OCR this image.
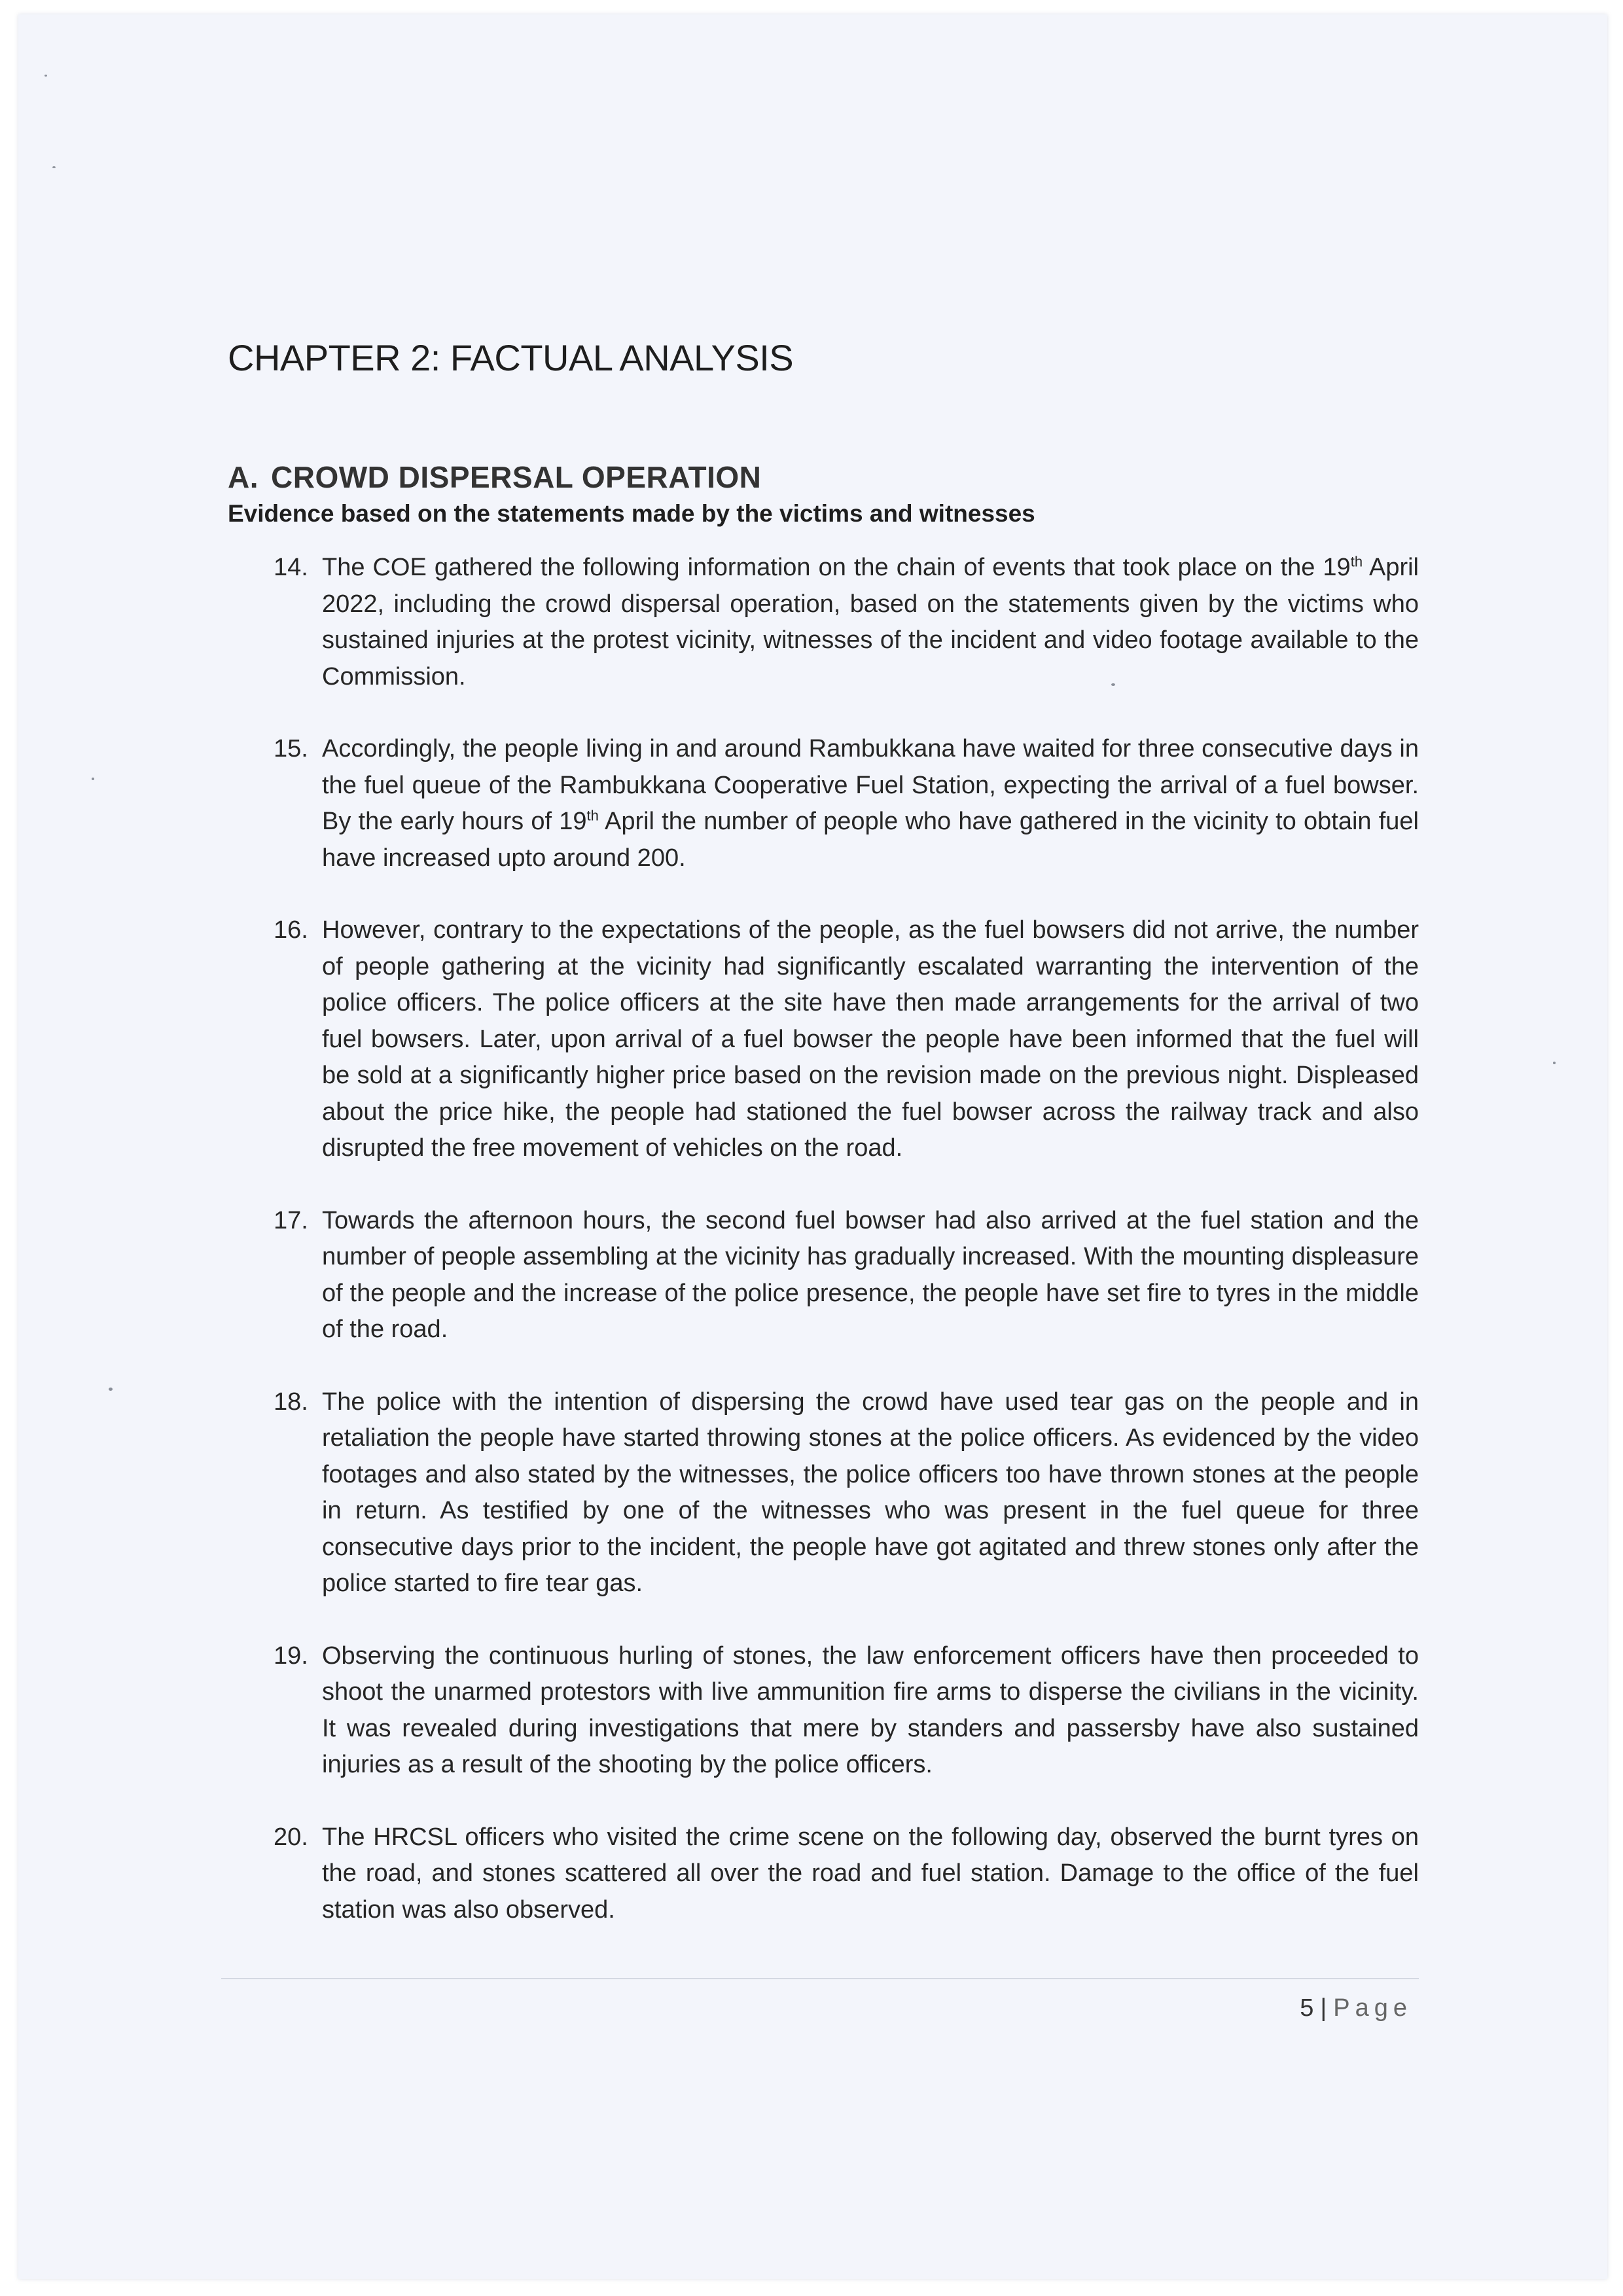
CHAPTER 2: FACTUAL ANALYSIS
A. CROWD DISPERSAL OPERATION
Evidence based on the statements made by the victims and witnesses
14. The COE gathered the following information on the chain of events that took place on the 19th April 2022, including the crowd dispersal operation, based on the statements given by the victims who sustained injuries at the protest vicinity, witnesses of the incident and video footage available to the Commission.
15. Accordingly, the people living in and around Rambukkana have waited for three consecutive days in the fuel queue of the Rambukkana Cooperative Fuel Station, expecting the arrival of a fuel bowser. By the early hours of 19th April the number of people who have gathered in the vicinity to obtain fuel have increased upto around 200.
16. However, contrary to the expectations of the people, as the fuel bowsers did not arrive, the number of people gathering at the vicinity had significantly escalated warranting the intervention of the police officers. The police officers at the site have then made arrangements for the arrival of two fuel bowsers. Later, upon arrival of a fuel bowser the people have been informed that the fuel will be sold at a significantly higher price based on the revision made on the previous night. Displeased about the price hike, the people had stationed the fuel bowser across the railway track and also disrupted the free movement of vehicles on the road.
17. Towards the afternoon hours, the second fuel bowser had also arrived at the fuel station and the number of people assembling at the vicinity has gradually increased. With the mounting displeasure of the people and the increase of the police presence, the people have set fire to tyres in the middle of the road.
18. The police with the intention of dispersing the crowd have used tear gas on the people and in retaliation the people have started throwing stones at the police officers. As evidenced by the video footages and also stated by the witnesses, the police officers too have thrown stones at the people in return. As testified by one of the witnesses who was present in the fuel queue for three consecutive days prior to the incident, the people have got agitated and threw stones only after the police started to fire tear gas.
19. Observing the continuous hurling of stones, the law enforcement officers have then proceeded to shoot the unarmed protestors with live ammunition fire arms to disperse the civilians in the vicinity. It was revealed during investigations that mere by standers and passersby have also sustained injuries as a result of the shooting by the police officers.
20. The HRCSL officers who visited the crime scene on the following day, observed the burnt tyres on the road, and stones scattered all over the road and fuel station. Damage to the office of the fuel station was also observed.
5 | Page
